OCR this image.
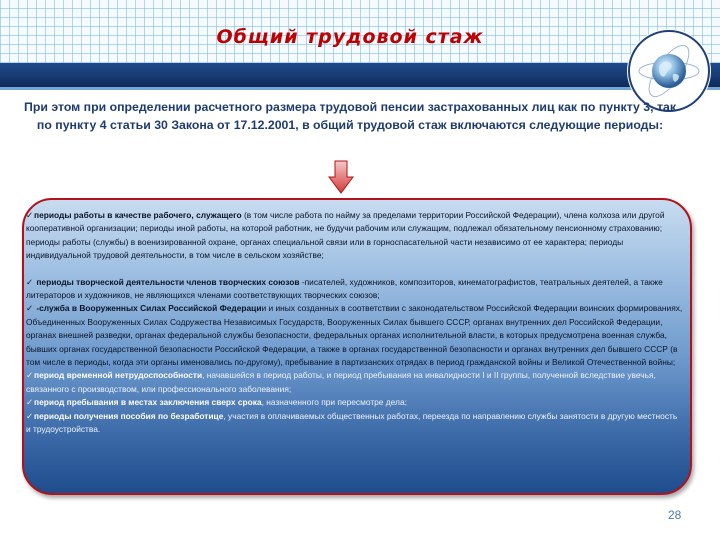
Общий трудовой стаж
При этом при определении расчетного размера трудовой пенсии застрахованных лиц как по пункту 3, так по пункту 4 статьи 30 Закона от 17.12.2001, в общий трудовой стаж включаются следующие периоды:

✓периоды работы в качестве рабочего, служащего (в том числе работа по найму за пределами территории Российской Федерации), члена колхоза или другой кооперативной организации; периоды иной работы, на которой работник, не будучи рабочим или служащим, подлежал обязательному пенсионному страхованию; периоды работы (службы) в военизированной охране, органах специальной связи или в горноспасательной части независимо от ее характера; периоды индивидуальной трудовой деятельности, в том числе в сельском хозяйстве;

✓ периоды творческой деятельности членов творческих союзов -писателей, художников, композиторов, кинематографистов, театральных деятелей, а также литераторов и художников, не являющихся членами соответствующих творческих союзов;

✓ -служба в Вооруженных Силах Российской Федерации и иных созданных в соответствии с законодательством Российской Федерации воинских формированиях, Объединенных Вооруженных Силах Содружества Независимых Государств, Вооруженных Силах бывшего СССР, органах внутренних дел Российской Федерации, органах внешней разведки, органах федеральной службы безопасности, федеральных органах исполнительной власти, в которых предусмотрена военная служба, бывших органах государственной безопасности Российской Федерации, а также в органах государственной безопасности и органах внутренних дел бывшего СССР (в том числе в периоды, когда эти органы именовались по-другому), пребывание в партизанских отрядах в период гражданской войны и Великой Отечественной войны;

✓период временной нетрудоспособности, начавшейся в период работы, и период пребывания на инвалидности I и II группы, полученной вследствие увечья, связанного с производством, или профессионального заболевания;

✓период пребывания в местах заключения сверх срока, назначенного при пересмотре дела;

✓периоды получения пособия по безработице, участия в оплачиваемых общественных работах, переезда по направлению службы занятости в другую местность и трудоустройства.

28
